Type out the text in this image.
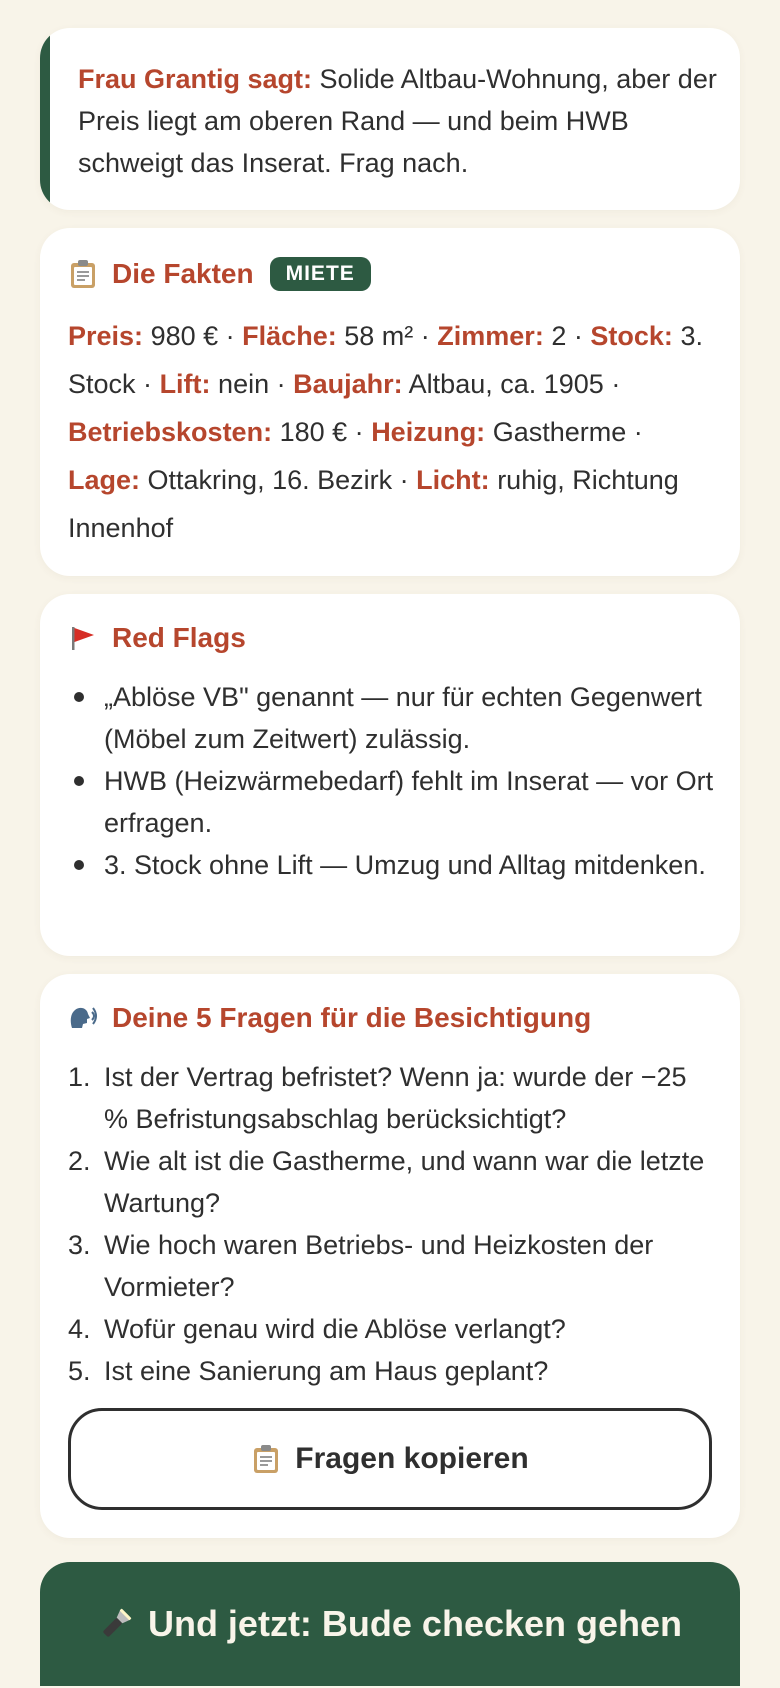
Frau Grantig sagt: Solide Altbau-Wohnung, aber der Preis liegt am oberen Rand — und beim HWB schweigt das Inserat. Frag nach.

Die Fakten	MIETE
Preis: 980 € · Fläche: 58 m² · Zimmer: 2 · Stock: 3. Stock · Lift: nein · Baujahr: Altbau, ca. 1905 · Betriebskosten: 180 € · Heizung: Gastherme · Lage: Ottakring, 16. Bezirk · Licht: ruhig, Richtung Innenhof
Red Flags
„Ablöse VB" genannt — nur für echten Gegenwert (Möbel zum Zeitwert) zulässig.
HWB (Heizwärmebedarf) fehlt im Inserat — vor Ort erfragen.
3. Stock ohne Lift — Umzug und Alltag mitdenken.
Deine 5 Fragen für die Besichtigung
1. Ist der Vertrag befristet? Wenn ja: wurde der −25 % Befristungsabschlag berücksichtigt?
2. Wie alt ist die Gastherme, und wann war die letzte Wartung?
3. Wie hoch waren Betriebs- und Heizkosten der Vormieter?
4. Wofür genau wird die Ablöse verlangt?
5. Ist eine Sanierung am Haus geplant?
Fragen kopieren
Und jetzt: Bude checken gehen
